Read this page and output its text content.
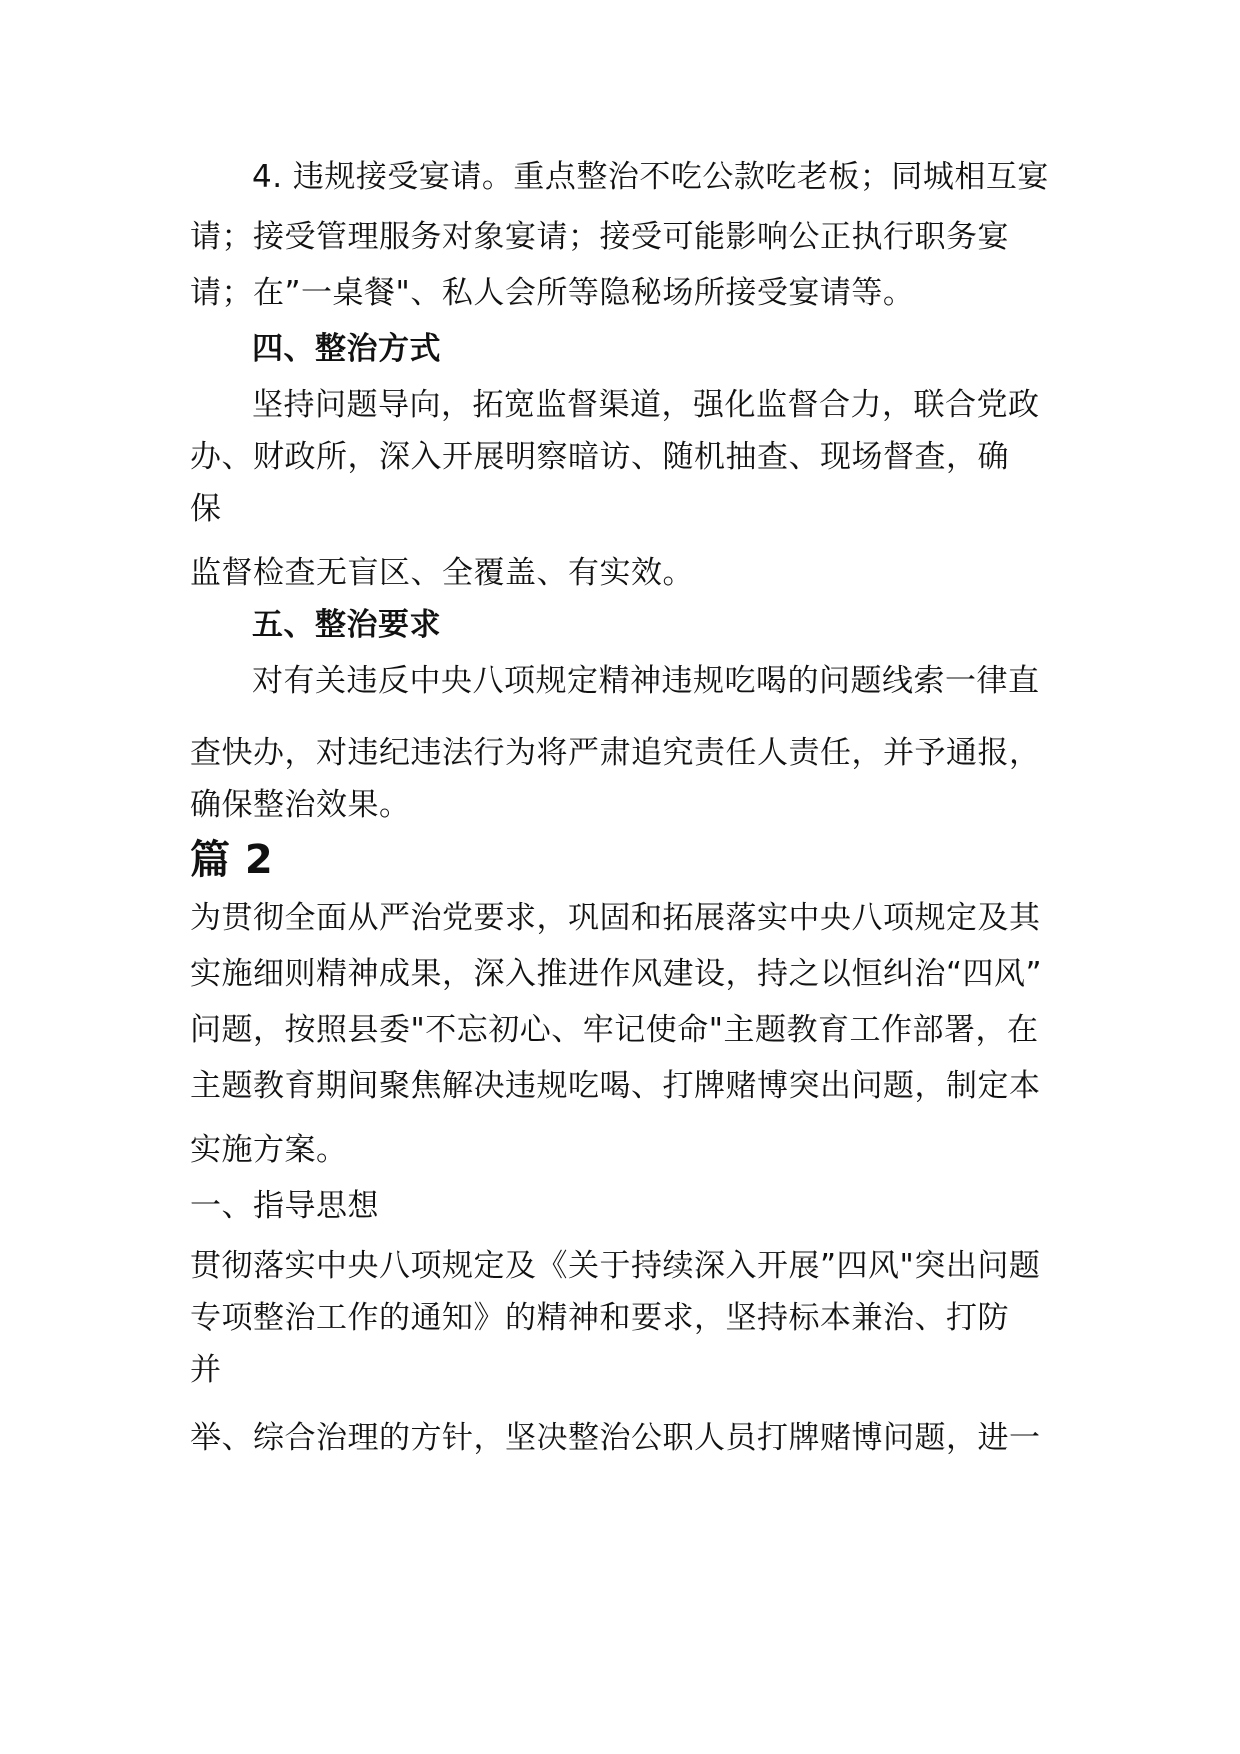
4. 违规接受宴请。重点整治不吃公款吃老板；同城相互宴

请；接受管理服务对象宴请；接受可能影响公正执行职务宴

请；在”一桌餐"、私人会所等隐秘场所接受宴请等。

四、整治方式

坚持问题导向，拓宽监督渠道，强化监督合力，联合党政

办、财政所，深入开展明察暗访、随机抽查、现场督查，确

保

监督检查无盲区、全覆盖、有实效。

五、整治要求

对有关违反中央八项规定精神违规吃喝的问题线索一律直

查快办，对违纪违法行为将严肃追究责任人责任，并予通报，

确保整治效果。

篇 2

为贯彻全面从严治党要求，巩固和拓展落实中央八项规定及其

实施细则精神成果，深入推进作风建设，持之以恒纠治“四风”

问题，按照县委"不忘初心、牢记使命"主题教育工作部署，在

主题教育期间聚焦解决违规吃喝、打牌赌博突出问题，制定本

实施方案。

一、指导思想

贯彻落实中央八项规定及《关于持续深入开展”四风"突出问题

专项整治工作的通知》的精神和要求，坚持标本兼治、打防

并

举、综合治理的方针，坚决整治公职人员打牌赌博问题，进一
